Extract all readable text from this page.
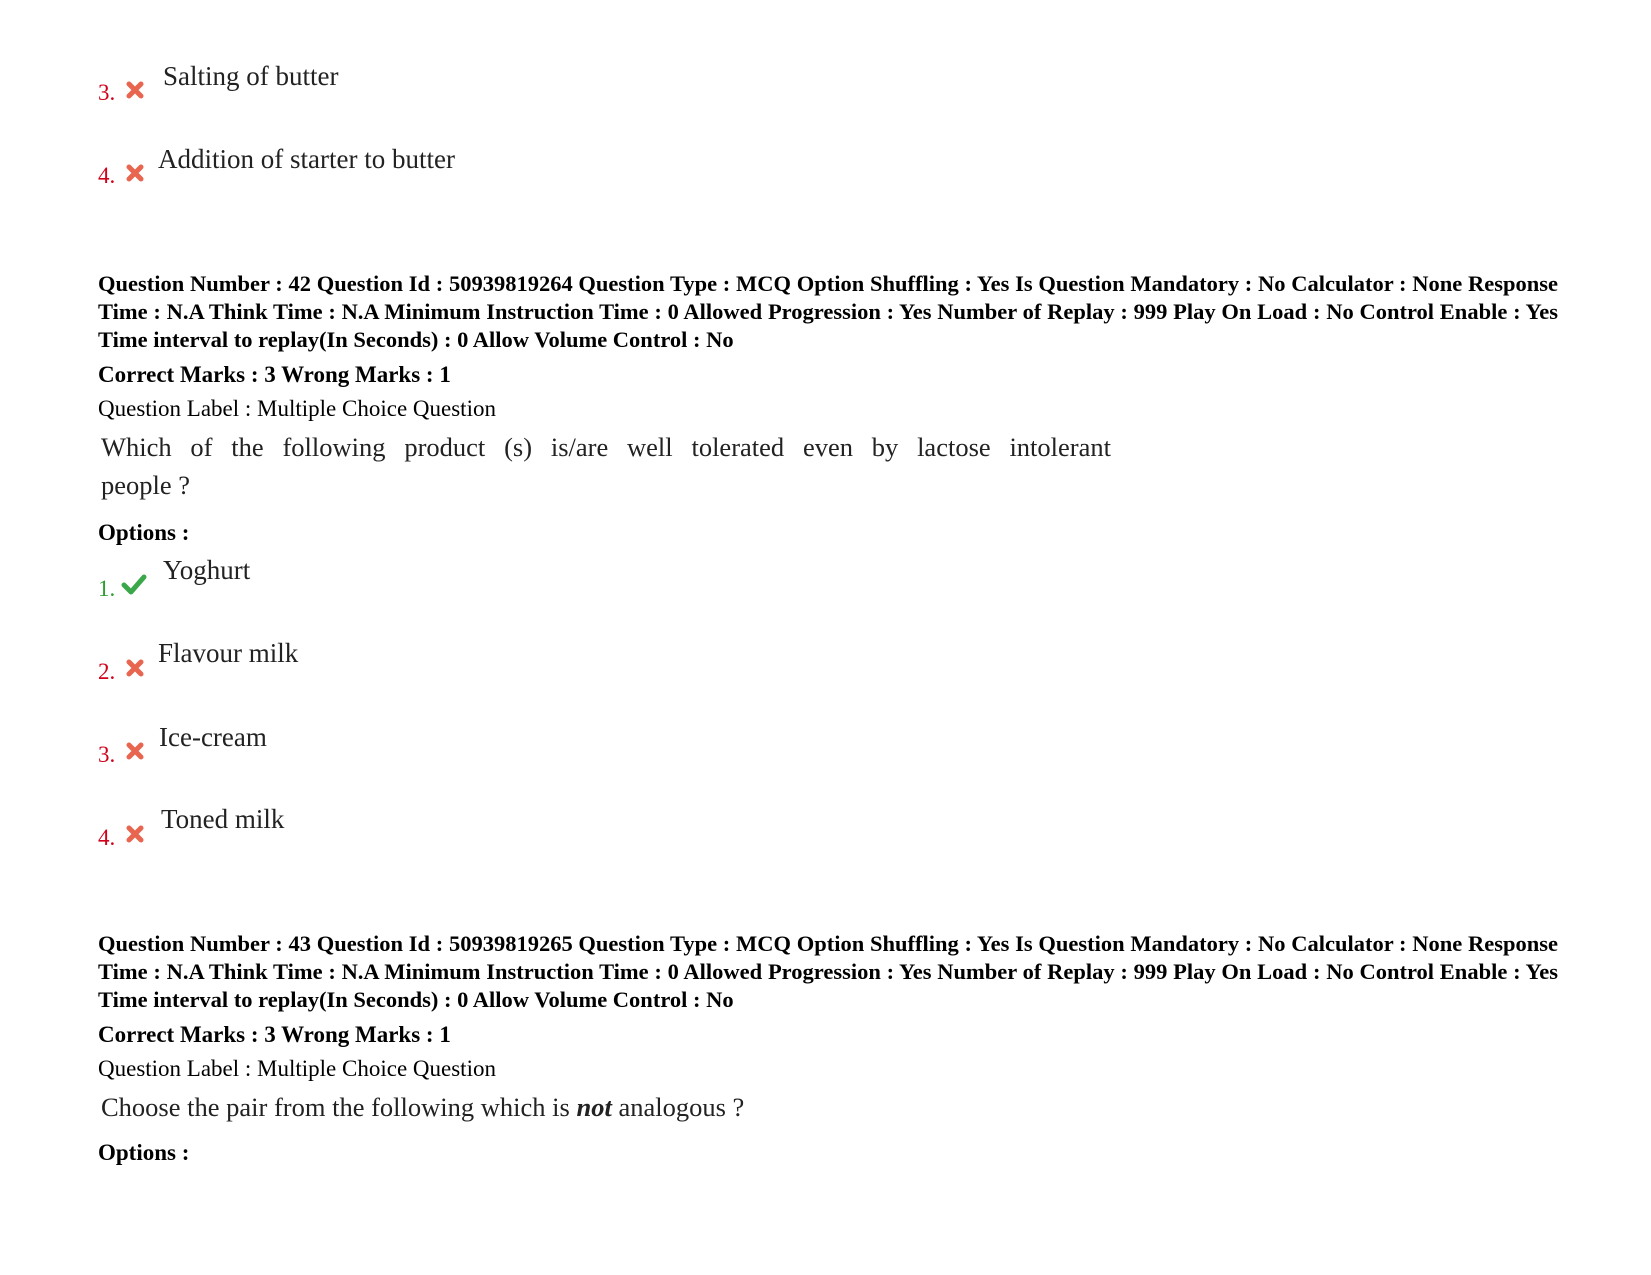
3.
Salting of butter
4.
Addition of starter to butter
Question Number : 42 Question Id : 50939819264 Question Type : MCQ Option Shuffling : Yes Is Question Mandatory : No Calculator : None Response Time : N.A Think Time : N.A Minimum Instruction Time : 0 Allowed Progression : Yes Number of Replay : 999 Play On Load : No Control Enable : Yes Time interval to replay(In Seconds) : 0 Allow Volume Control : No
Correct Marks : 3 Wrong Marks : 1
Question Label : Multiple Choice Question
Which of the following product (s) is/are well tolerated even by lactose intolerant
people ?
Options :
1.
Yoghurt
2.
Flavour milk
3.
Ice-cream
4.
Toned milk
Question Number : 43 Question Id : 50939819265 Question Type : MCQ Option Shuffling : Yes Is Question Mandatory : No Calculator : None Response Time : N.A Think Time : N.A Minimum Instruction Time : 0 Allowed Progression : Yes Number of Replay : 999 Play On Load : No Control Enable : Yes Time interval to replay(In Seconds) : 0 Allow Volume Control : No
Correct Marks : 3 Wrong Marks : 1
Question Label : Multiple Choice Question
Choose the pair from the following which is not analogous ?
Options :
